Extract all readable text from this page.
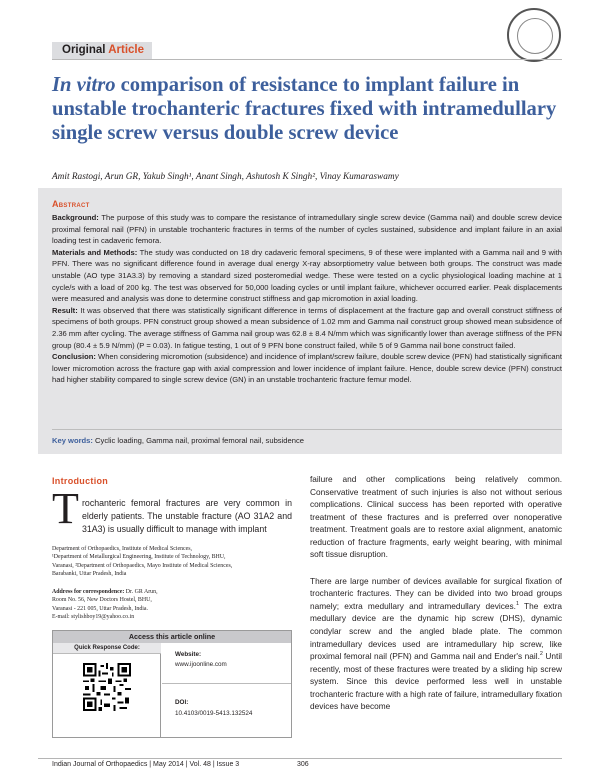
Original Article
In vitro comparison of resistance to implant failure in unstable trochanteric fractures fixed with intramedullary single screw versus double screw device
Amit Rastogi, Arun GR, Yakub Singh¹, Anant Singh, Ashutosh K Singh², Vinay Kumaraswamy
Abstract
Background: The purpose of this study was to compare the resistance of intramedullary single screw device (Gamma nail) and double screw device proximal femoral nail (PFN) in unstable trochanteric fractures in terms of the number of cycles sustained, subsidence and implant failure in an axial loading test in cadaveric femora.
Materials and Methods: The study was conducted on 18 dry cadaveric femoral specimens, 9 of these were implanted with a Gamma nail and 9 with PFN. There was no significant difference found in average dual energy X-ray absorptiometry value between both groups. The construct was made unstable (AO type 31A3.3) by removing a standard sized posteromedial wedge. These were tested on a cyclic physiological loading machine at 1 cycle/s with a load of 200 kg. The test was observed for 50,000 loading cycles or until implant failure, whichever occurred earlier. Peak displacements were measured and analysis was done to determine construct stiffness and gap micromotion in axial loading.
Result: It was observed that there was statistically significant difference in terms of displacement at the fracture gap and overall construct stiffness of specimens of both groups. PFN construct group showed a mean subsidence of 1.02 mm and Gamma nail construct group showed mean subsidence of 2.36 mm after cycling. The average stiffness of Gamma nail group was 62.8 ± 8.4 N/mm which was significantly lower than average stiffness of the PFN group (80.4 ± 5.9 N/mm) (P = 0.03). In fatigue testing, 1 out of 9 PFN bone construct failed, while 5 of 9 Gamma nail bone construct failed.
Conclusion: When considering micromotion (subsidence) and incidence of implant/screw failure, double screw device (PFN) had statistically significant lower micromotion across the fracture gap with axial compression and lower incidence of implant failure. Hence, double screw device (PFN) construct had higher stability compared to single screw device (GN) in an unstable trochanteric fracture femur model.
Key words: Cyclic loading, Gamma nail, proximal femoral nail, subsidence
Introduction
T rochanteric femoral fractures are very common in elderly patients. The unstable fracture (AO 31A2 and 31A3) is usually difficult to manage with implant
Department of Orthopaedics, Institute of Medical Sciences,
¹Department of Metallurgical Engineering, Institute of Technology, BHU,
Varanasi, ²Department of Orthopaedics, Mayo Institute of Medical Sciences,
Barabanki, Uttar Pradesh, India
Address for correspondence: Dr. GR Arun,
Room No. 56, New Doctors Hostel, BHU,
Varanasi - 221 005, Uttar Pradesh, India.
E-mail: stylishboy19@yahoo.co.in
Access this article online
Quick Response Code:
Website:
www.ijoonline.com
DOI:
10.4103/0019-5413.132524

failure and other complications being relatively common. Conservative treatment of such injuries is also not without serious complications. Clinical success has been reported with operative treatment of these fractures and is preferred over nonoperative treatment. Treatment goals are to restore axial alignment, anatomic reduction of fracture fragments, early weight bearing, with minimal soft tissue disruption.

There are large number of devices available for surgical fixation of trochanteric fractures. They can be divided into two broad groups namely; extra medullary and intramedullary devices.$^1$ The extra medullary device are the dynamic hip screw (DHS), dynamic condylar screw and the angled blade plate. The common intramedullary devices used are intramedullary hip screw, like proximal femoral nail (PFN) and Gamma nail and Ender's nail.$^2$ Until recently, most of these fractures were treated by a sliding hip screw system. Since this device performed less well in unstable trochanteric fracture with a high rate of failure, intramedullary fixation devices have become

Indian Journal of Orthopaedics | May 2014 | Vol. 48 | Issue 3	306
